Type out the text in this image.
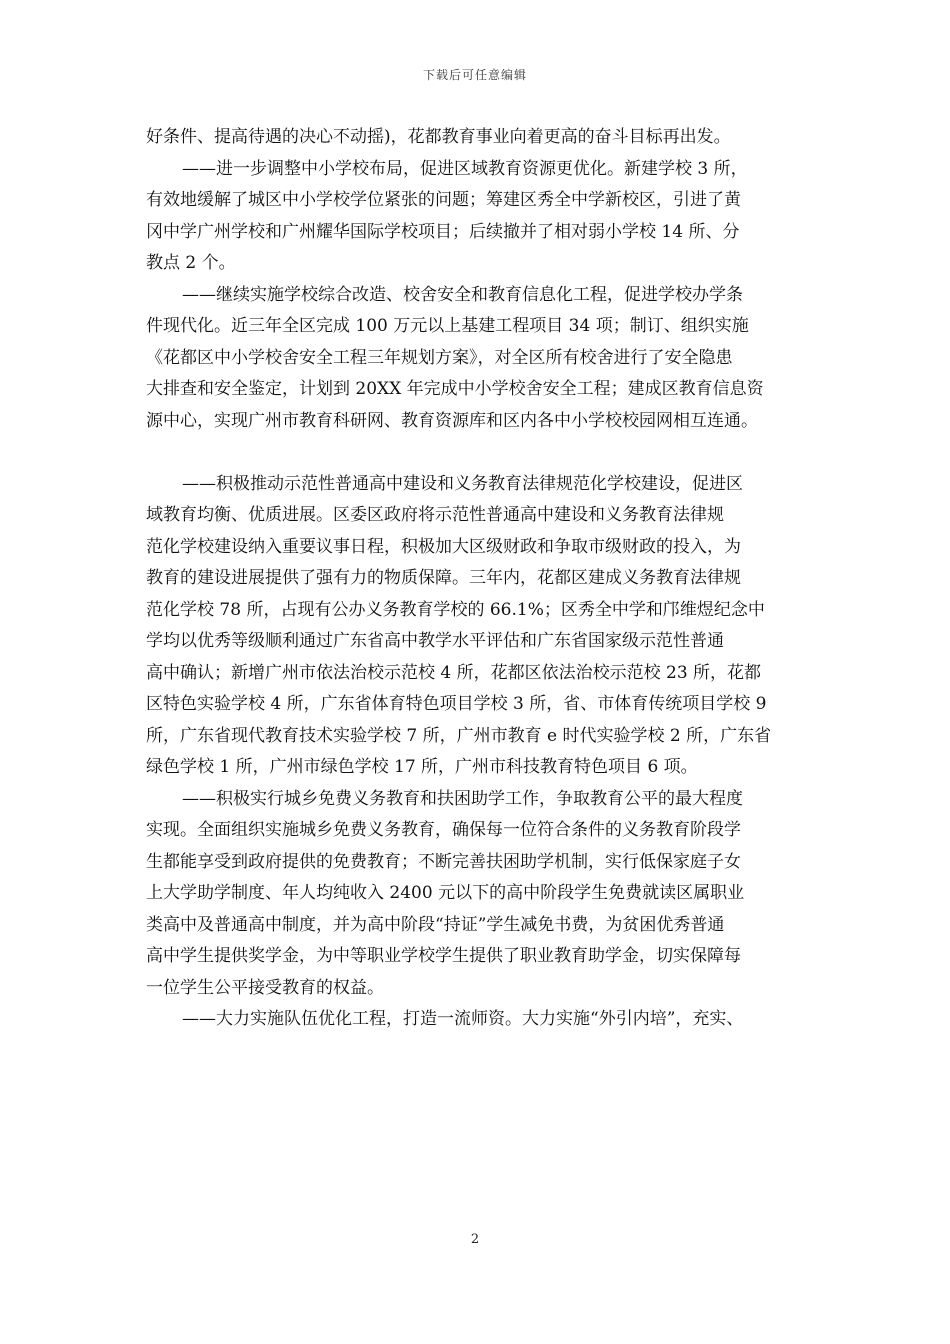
下载后可任意编辑
好条件、提高待遇的决心不动摇)，花都教育事业向着更高的奋斗目标再出发。
——进一步调整中小学校布局，促进区域教育资源更优化。新建学校 3 所，
有效地缓解了城区中小学校学位紧张的问题；筹建区秀全中学新校区，引进了黄
冈中学广州学校和广州耀华国际学校项目；后续撤并了相对弱小学校 14 所、分
教点 2 个。
——继续实施学校综合改造、校舍安全和教育信息化工程，促进学校办学条
件现代化。近三年全区完成 100 万元以上基建工程项目 34 项；制订、组织实施
《花都区中小学校舍安全工程三年规划方案》，对全区所有校舍进行了安全隐患
大排查和安全鉴定，计划到 20XX 年完成中小学校舍安全工程；建成区教育信息资
源中心，实现广州市教育科研网、教育资源库和区内各中小学校校园网相互连通。
——积极推动示范性普通高中建设和义务教育法律规范化学校建设，促进区
域教育均衡、优质进展。区委区政府将示范性普通高中建设和义务教育法律规
范化学校建设纳入重要议事日程，积极加大区级财政和争取市级财政的投入，为
教育的建设进展提供了强有力的物质保障。三年内，花都区建成义务教育法律规
范化学校 78 所，占现有公办义务教育学校的 66.1%；区秀全中学和邝维煜纪念中
学均以优秀等级顺利通过广东省高中教学水平评估和广东省国家级示范性普通
高中确认；新增广州市依法治校示范校 4 所，花都区依法治校示范校 23 所，花都
区特色实验学校 4 所，广东省体育特色项目学校 3 所，省、市体育传统项目学校 9
所，广东省现代教育技术实验学校 7 所，广州市教育 e 时代实验学校 2 所，广东省
绿色学校 1 所，广州市绿色学校 17 所，广州市科技教育特色项目 6 项。
——积极实行城乡免费义务教育和扶困助学工作，争取教育公平的最大程度
实现。全面组织实施城乡免费义务教育，确保每一位符合条件的义务教育阶段学
生都能享受到政府提供的免费教育；不断完善扶困助学机制，实行低保家庭子女
上大学助学制度、年人均纯收入 2400 元以下的高中阶段学生免费就读区属职业
类高中及普通高中制度，并为高中阶段“持证”学生减免书费，为贫困优秀普通
高中学生提供奖学金，为中等职业学校学生提供了职业教育助学金，切实保障每
一位学生公平接受教育的权益。
——大力实施队伍优化工程，打造一流师资。大力实施“外引内培”，充实、
2
